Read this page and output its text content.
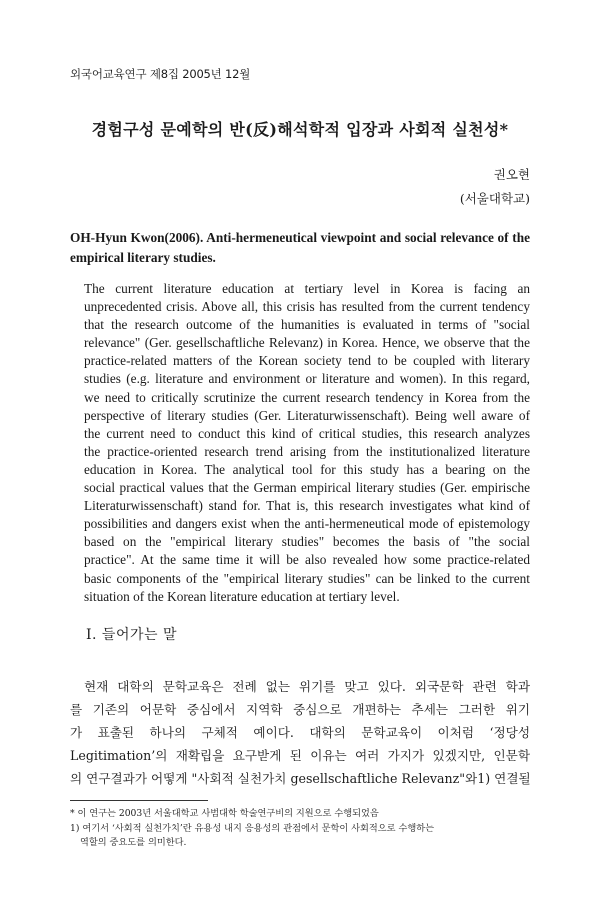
외국어교육연구 제8집 2005년 12월
경험구성 문예학의 반(反)해석학적 입장과 사회적 실천성*
권오현
(서울대학교)
OH-Hyun Kwon(2006). Anti-hermeneutical viewpoint and social relevance of the empirical literary studies.

The current literature education at tertiary level in Korea is facing an
unprecedented crisis. Above all, this crisis has resulted from the current tendency
that the research outcome of the humanities is evaluated in terms of "social
relevance" (Ger. gesellschaftliche Relevanz) in Korea. Hence, we observe that the
practice-related matters of the Korean society tend to be coupled with literary
studies (e.g. literature and environment or literature and women). In this regard,
we need to critically scrutinize the current research tendency in Korea from the
perspective of literary studies (Ger. Literaturwissenschaft). Being well aware of
the current need to conduct this kind of critical studies, this research analyzes
the practice-oriented research trend arising from the institutionalized literature
education in Korea. The analytical tool for this study has a bearing on the
social practical values that the German empirical literary studies (Ger. empirische
Literaturwissenschaft) stand for. That is, this research investigates what kind of
possibilities and dangers exist when the anti-hermeneutical mode of epistemology
based on the "empirical literary studies" becomes the basis of "the social
practice". At the same time it will be also revealed how some practice-related
basic components of the "empirical literary studies" can be linked to the current
situation of the Korean literature education at tertiary level.

Ⅰ. 들어가는 말
현재 대학의 문학교육은 전례 없는 위기를 맞고 있다. 외국문학 관련 학과
를 기존의 어문학 중심에서 지역학 중심으로 개편하는 추세는 그러한 위기
가 표출된 하나의 구체적 예이다. 대학의 문학교육이 이처럼 ‘정당성
Legitimation’의 재확립을 요구받게 된 이유는 여러 가지가 있겠지만, 인문학
의 연구결과가 어떻게 "사회적 실천가치 gesellschaftliche Relevanz"와1) 연결될
* 이 연구는 2003년 서울대학교 사범대학 학술연구비의 지원으로 수행되었음
1) 여기서 ‘사회적 실천가치’란 유용성 내지 응용성의 관점에서 문학이 사회적으로 수행하는
역할의 중요도를 의미한다.
